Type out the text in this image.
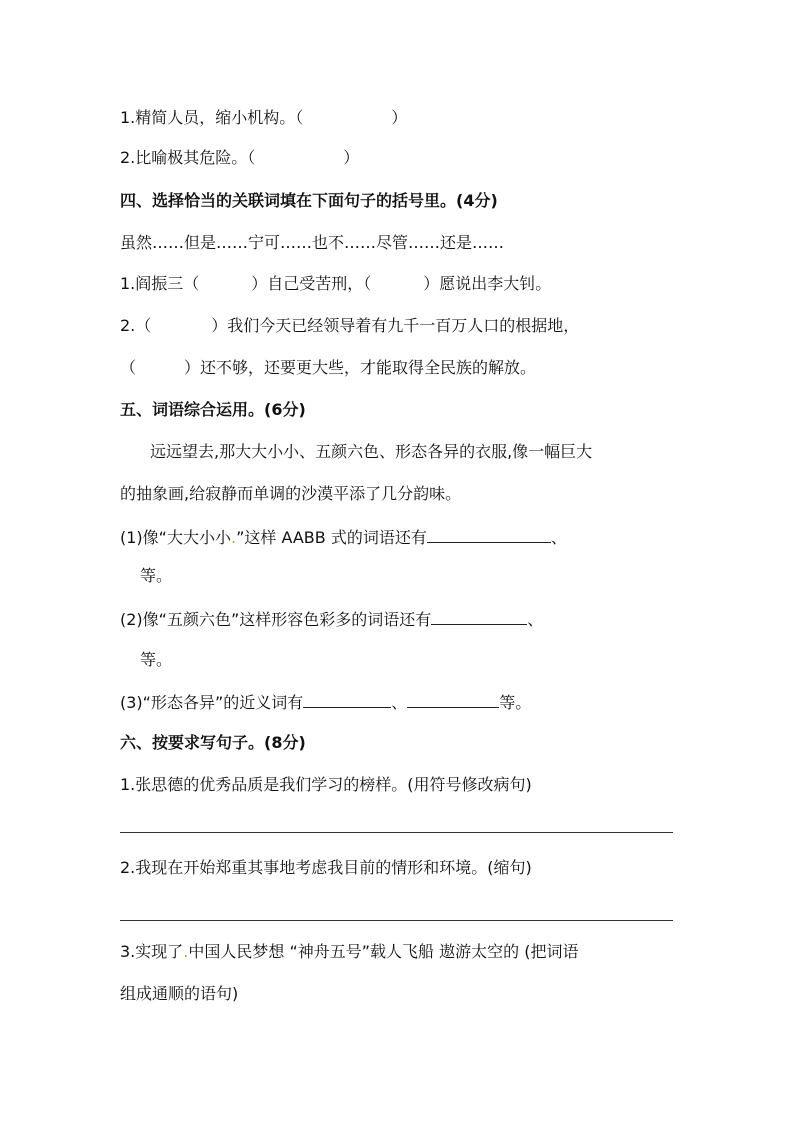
1.精简人员，缩小机构。（	）
2.比喻极其危险。（	）
四、选择恰当的关联词填在下面句子的括号里。(4分)
虽然……但是……宁可……也不……尽管……还是……
1.阎振三（	）自己受苦刑，（	）愿说出李大钊。
2.（	）我们今天已经领导着有九千一百万人口的根据地，
（	）还不够，还要更大些，才能取得全民族的解放。
五、词语综合运用。(6分)
远远望去,那大大小小、五颜六色、形态各异的衣服,像一幅巨大
的抽象画,给寂静而单调的沙漠平添了几分韵味。
(1)像“大大小小.”这样 AABB 式的词语还有	、
等。
(2)像“五颜六色”这样形容色彩多的词语还有	、
等。
(3)“形态各异”的近义词有	、	等。
六、按要求写句子。(8分)
1.张思德的优秀品质是我们学习的榜样。(用符号修改病句)
2.我现在开始郑重其事地考虑我目前的情形和环境。(缩句)
3.实现了.中国人民梦想 “神舟五号”载人飞船 遨游太空的 (把词语
组成通顺的语句)
